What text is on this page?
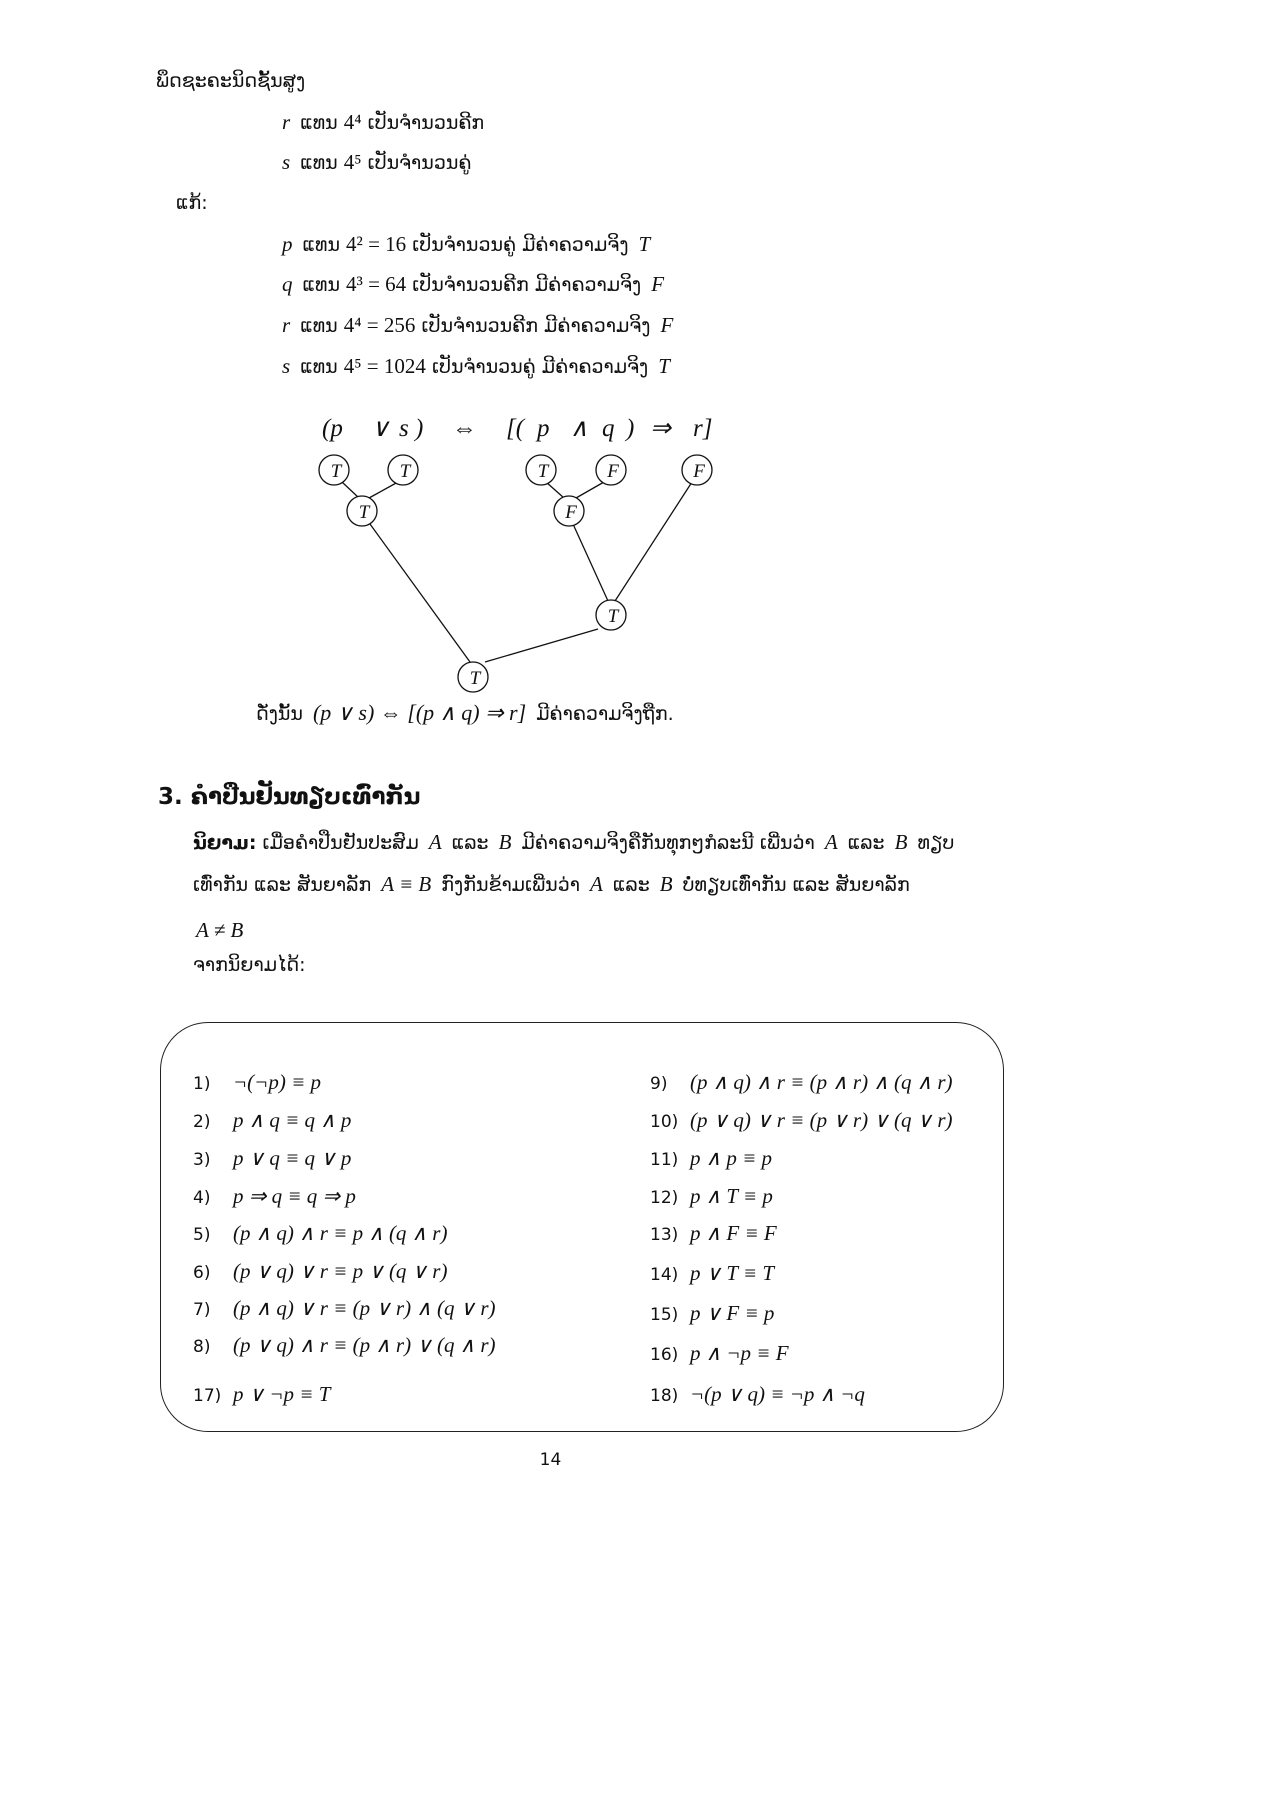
ພຶດຊະຄະນິດຊັ້ນສູງ
r ແທນ 4⁴ ເປັນຈຳນວນຄີກ
s ແທນ 4⁵ ເປັນຈຳນວນຄູ່
ແກ້:
p ແທນ 4² = 16 ເປັນຈຳນວນຄູ່ ມີຄ່າຄວາມຈິງ T
q ແທນ 4³ = 64 ເປັນຈຳນວນຄີກ ມີຄ່າຄວາມຈິງ F
r ແທນ 4⁴ = 256 ເປັນຈຳນວນຄີກ ມີຄ່າຄວາມຈິງ F
s ແທນ 4⁵ = 1024 ເປັນຈຳນວນຄູ່ ມີຄ່າຄວາມຈິງ T
(p ∨ s ) ⇔ [( p ∧ q ) ⇒ r]
T	T	T	F	F
T	F
T
T
ດັ່ງນັ້ນ (p ∨ s) ⇔ [(p ∧ q) ⇒ r] ມີຄ່າຄວາມຈິງຖືກ.
3. ຄຳປືນຢັນທຽບເທົ່າກັນ
ນິຍາມ: ເມື່ອຄຳປືນຢັນປະສົມ A ແລະ B ມີຄ່າຄວາມຈິງຄືກັນທຸກໆກໍລະນີ ເພີ່ນວ່າ A ແລະ B ທຽບ
ເທົ່າກັນ ແລະ ສັນຍາລັກ A ≡ B ກົງກັນຂ້າມເພີ່ນວ່າ A ແລະ B ບໍ່ທຽບເທົ່າກັນ ແລະ ສັນຍາລັກ
A ≠ B
ຈາກນິຍາມໄດ້:
1) ¬(¬p) ≡ p
2) p ∧ q ≡ q ∧ p
3) p ∨ q ≡ q ∨ p
4) p ⇒ q ≡ q ⇒ p
5) (p ∧ q) ∧ r ≡ p ∧ (q ∧ r)
6) (p ∨ q) ∨ r ≡ p ∨ (q ∨ r)
7) (p ∧ q) ∨ r ≡ (p ∨ r) ∧ (q ∨ r)
8) (p ∨ q) ∧ r ≡ (p ∧ r) ∨ (q ∧ r)
17) p ∨ ¬p ≡ T
9) (p ∧ q) ∧ r ≡ (p ∧ r) ∧ (q ∧ r)
10) (p ∨ q) ∨ r ≡ (p ∨ r) ∨ (q ∨ r)
11) p ∧ p ≡ p
12) p ∧ T ≡ p
13) p ∧ F ≡ F
14) p ∨ T ≡ T
15) p ∨ F ≡ p
16) p ∧ ¬p ≡ F
18) ¬(p ∨ q) ≡ ¬p ∧ ¬q
14
